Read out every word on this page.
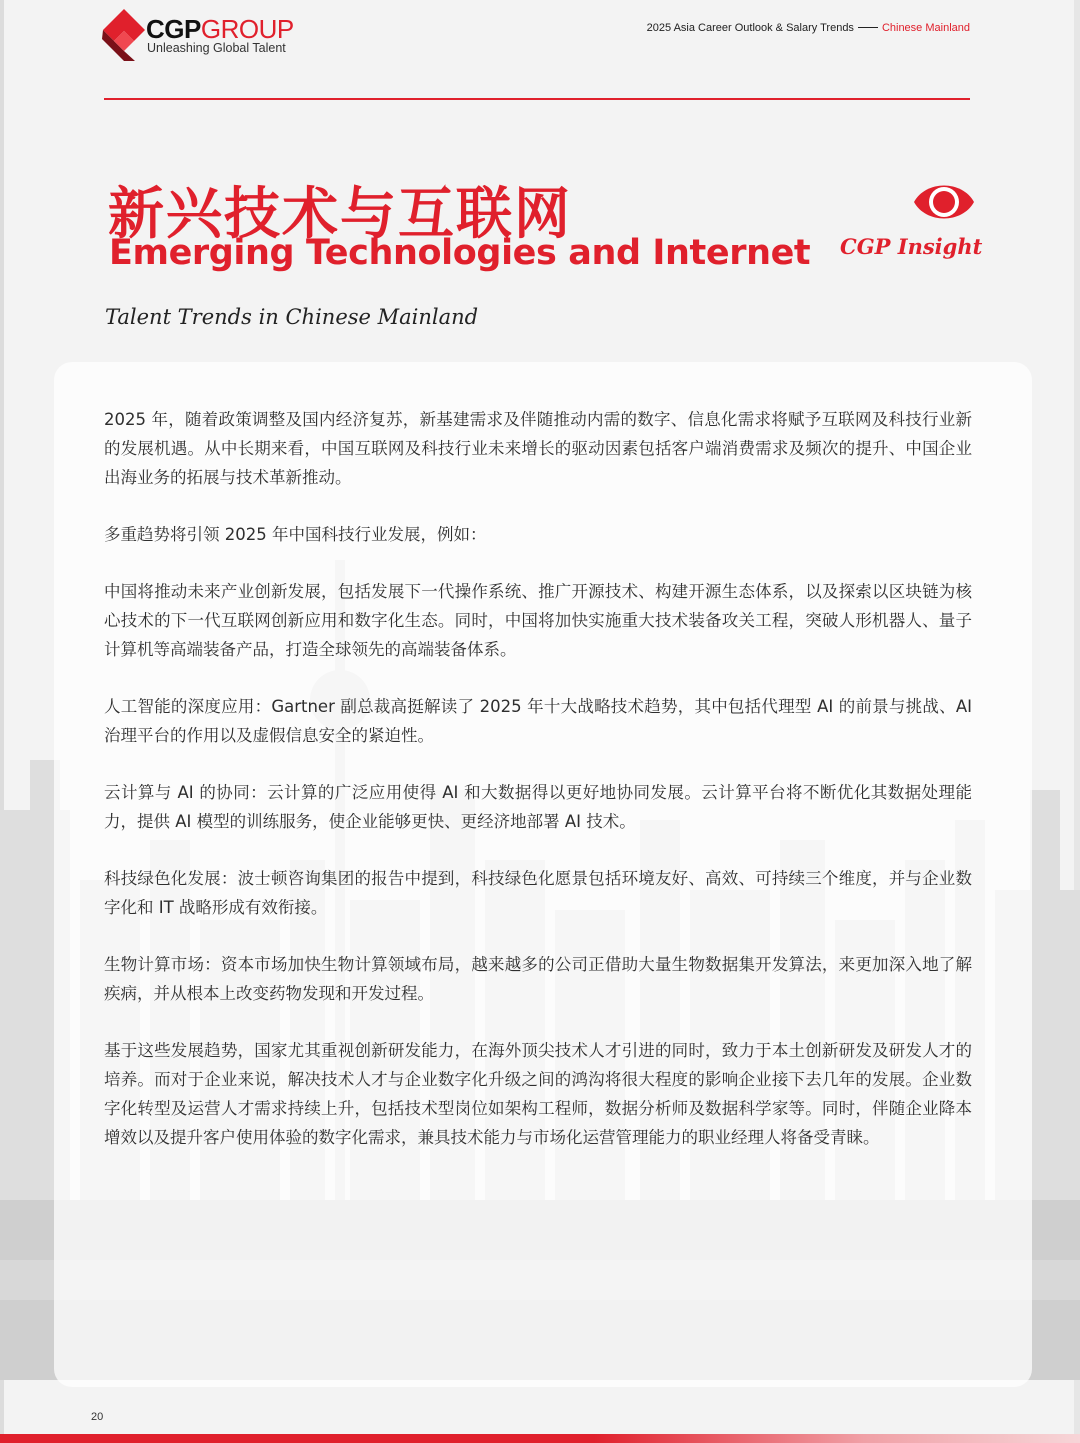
CGPGROUP
Unleashing Global Talent
2025 Asia Career Outlook & Salary Trends	Chinese Mainland
新兴技术与互联网
Emerging Technologies and Internet
Talent Trends in Chinese Mainland
CGP Insight

2025 年，随着政策调整及国内经济复苏，新基建需求及伴随推动内需的数字、信息化需求将赋予互联网及科技行业新的发展机遇。从中长期来看，中国互联网及科技行业未来增长的驱动因素包括客户端消费需求及频次的提升、中国企业出海业务的拓展与技术革新推动。

多重趋势将引领 2025 年中国科技行业发展，例如：

中国将推动未来产业创新发展，包括发展下一代操作系统、推广开源技术、构建开源生态体系，以及探索以区块链为核心技术的下一代互联网创新应用和数字化生态。同时，中国将加快实施重大技术装备攻关工程，突破人形机器人、量子计算机等高端装备产品，打造全球领先的高端装备体系。

人工智能的深度应用：Gartner 副总裁高挺解读了 2025 年十大战略技术趋势，其中包括代理型 AI 的前景与挑战、AI 治理平台的作用以及虚假信息安全的紧迫性。

云计算与 AI 的协同：云计算的广泛应用使得 AI 和大数据得以更好地协同发展。云计算平台将不断优化其数据处理能力，提供 AI 模型的训练服务，使企业能够更快、更经济地部署 AI 技术。

科技绿色化发展：波士顿咨询集团的报告中提到，科技绿色化愿景包括环境友好、高效、可持续三个维度，并与企业数字化和 IT 战略形成有效衔接。

生物计算市场：资本市场加快生物计算领域布局，越来越多的公司正借助大量生物数据集开发算法，来更加深入地了解疾病，并从根本上改变药物发现和开发过程。

基于这些发展趋势，国家尤其重视创新研发能力，在海外顶尖技术人才引进的同时，致力于本土创新研发及研发人才的培养。而对于企业来说，解决技术人才与企业数字化升级之间的鸿沟将很大程度的影响企业接下去几年的发展。企业数字化转型及运营人才需求持续上升，包括技术型岗位如架构工程师，数据分析师及数据科学家等。同时，伴随企业降本增效以及提升客户使用体验的数字化需求，兼具技术能力与市场化运营管理能力的职业经理人将备受青睐。

20
